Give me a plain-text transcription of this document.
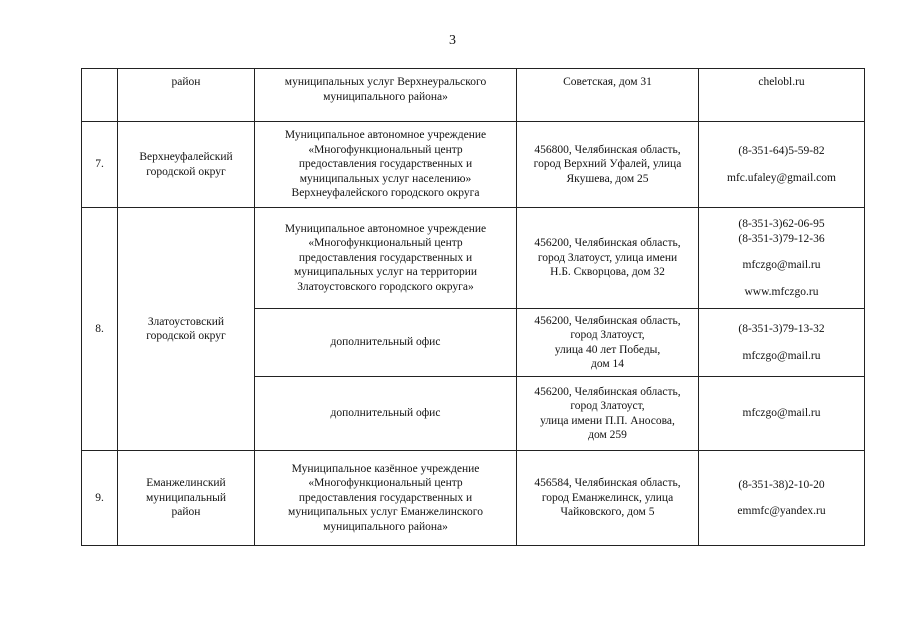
3

	район	муниципальных услуг Верхнеуральского
муниципального района»	Советская, дом 31	chelobl.ru

7.	Верхнеуфалейский
городской округ	Муниципальное автономное учреждение
«Многофункциональный центр
предоставления государственных и
муниципальных услуг населению»
Верхнеуфалейского городского округа	456800, Челябинская область,
город Верхний Уфалей, улица
Якушева, дом 25	(8-351-64)5-59-82
mfc.ufaley@gmail.com

8.	Златоустовский
городской округ	Муниципальное автономное учреждение
«Многофункциональный центр
предоставления государственных и
муниципальных услуг на территории
Златоустовского городского округа»	456200, Челябинская область,
город Златоуст, улица имени
Н.Б. Скворцова, дом 32	(8-351-3)62-06-95
(8-351-3)79-12-36
mfczgo@mail.ru
www.mfczgo.ru

		дополнительный офис	456200, Челябинская область,
город Златоуст,
улица 40 лет Победы,
дом 14	(8-351-3)79-13-32
mfczgo@mail.ru

		дополнительный офис	456200, Челябинская область,
город Златоуст,
улица имени П.П. Аносова,
дом 259	mfczgo@mail.ru

9.	Еманжелинский
муниципальный
район	Муниципальное казённое учреждение
«Многофункциональный центр
предоставления государственных и
муниципальных услуг Еманжелинского
муниципального района»	456584, Челябинская область,
город Еманжелинск, улица
Чайковского, дом 5	(8-351-38)2-10-20
emmfc@yandex.ru
